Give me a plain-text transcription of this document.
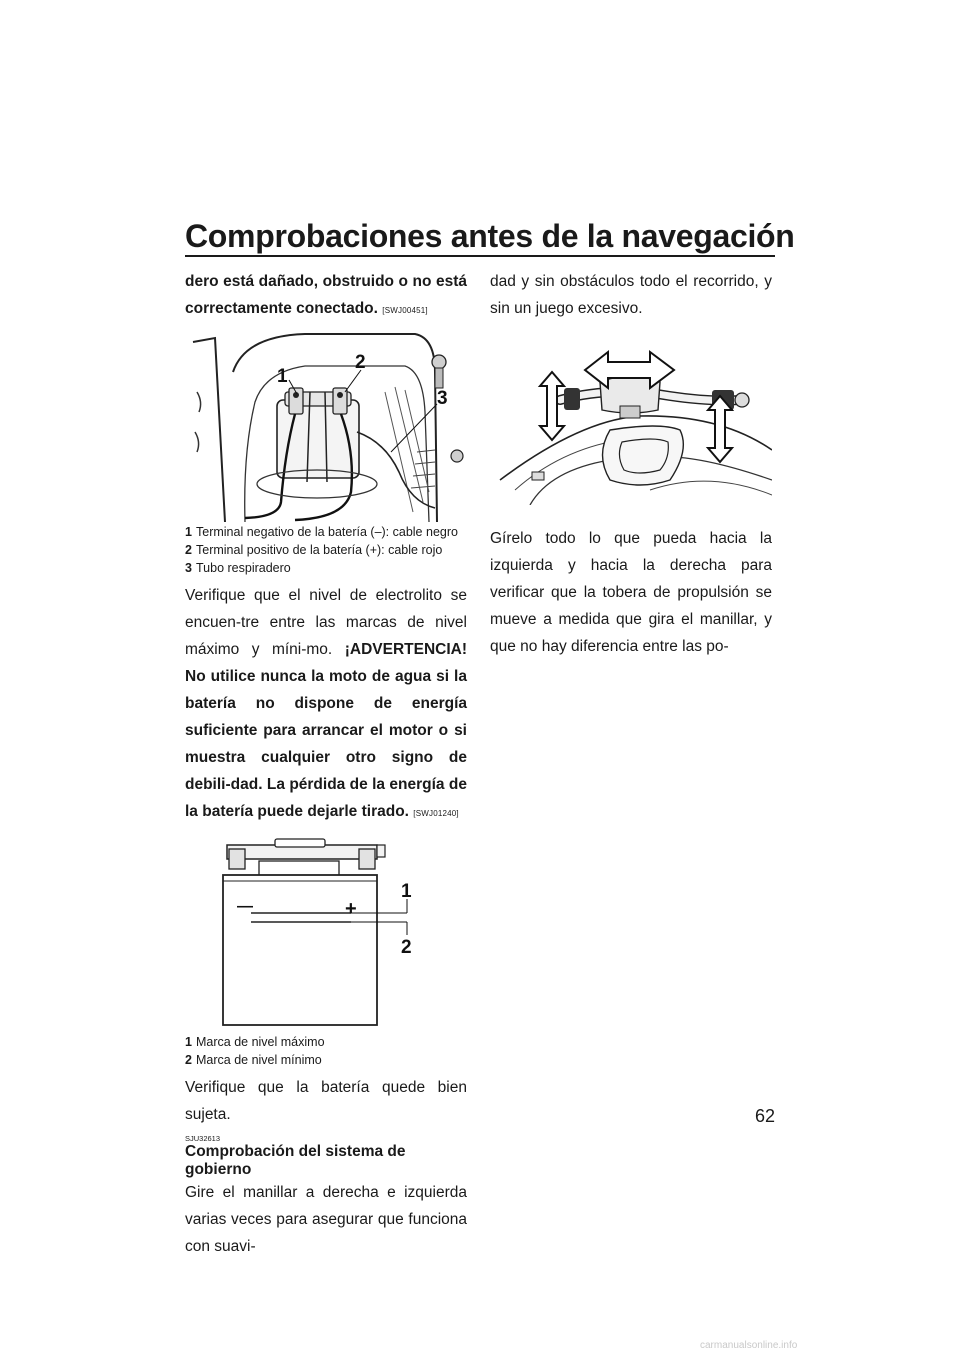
Comprobaciones antes de la navegación

dero está dañado, obstruido o no está correctamente conectado. [SWJ00451]

1
2
3
1 Terminal negativo de la batería (–): cable negro
2 Terminal positivo de la batería (+): cable rojo
3 Tubo respiradero

Verifique que el nivel de electrolito se encuen-tre entre las marcas de nivel máximo y míni-mo. ¡ADVERTENCIA! No utilice nunca la moto de agua si la batería no dispone de energía suficiente para arrancar el motor o si muestra cualquier otro signo de debili-dad. La pérdida de la energía de la batería puede dejarle tirado. [SWJ01240]

—	+
1
2
1 Marca de nivel máximo
2 Marca de nivel mínimo

Verifique que la batería quede bien sujeta.

SJU32613
Comprobación del sistema de gobierno

Gire el manillar a derecha e izquierda varias veces para asegurar que funciona con suavi-

dad y sin obstáculos todo el recorrido, y sin un juego excesivo.

Gírelo todo lo que pueda hacia la izquierda y hacia la derecha para verificar que la tobera de propulsión se mueve a medida que gira el manillar, y que no hay diferencia entre las po-

62
carmanualsonline.info
